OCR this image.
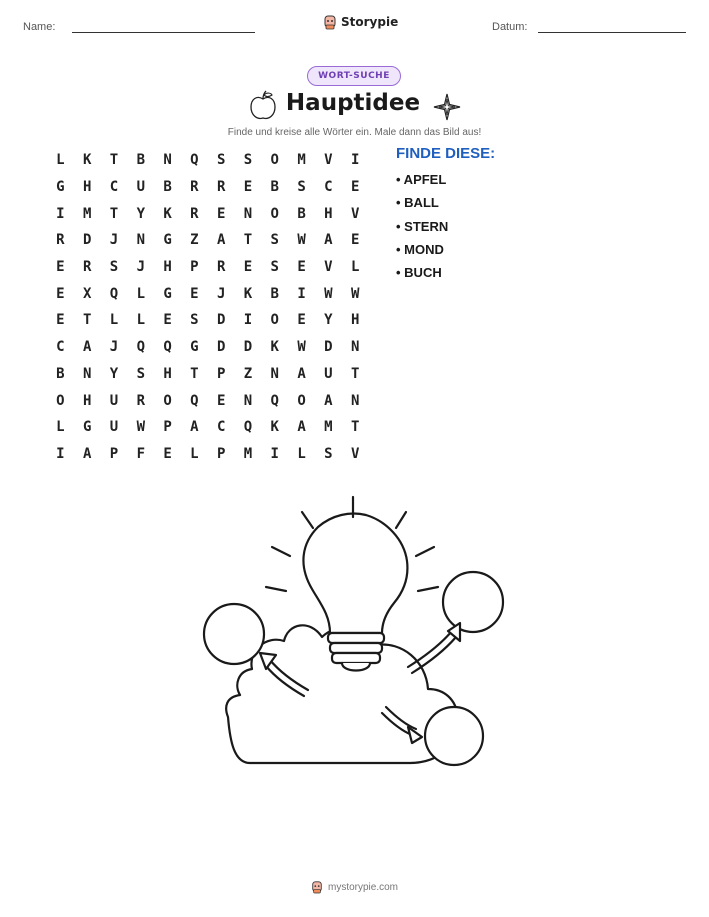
Name:	Storypie	Datum:
WORT-SUCHE
Hauptidee
Finde und kreise alle Wörter ein. Male dann das Bild aus!
L	K	T	B	N	Q	S	S	O	M	V	I
G	H	C	U	B	R	R	E	B	S	C	E
I	M	T	Y	K	R	E	N	O	B	H	V
R	D	J	N	G	Z	A	T	S	W	A	E
E	R	S	J	H	P	R	E	S	E	V	L
E	X	Q	L	G	E	J	K	B	I	W	W
E	T	L	L	E	S	D	I	O	E	Y	H
C	A	J	Q	Q	G	D	D	K	W	D	N
B	N	Y	S	H	T	P	Z	N	A	U	T
O	H	U	R	O	Q	E	N	Q	O	A	N
L	G	U	W	P	A	C	Q	K	A	M	T
I	A	P	F	E	L	P	M	I	L	S	V
FINDE DIESE:
• APFEL
• BALL
• STERN
• MOND
• BUCH
mystorypie.com
